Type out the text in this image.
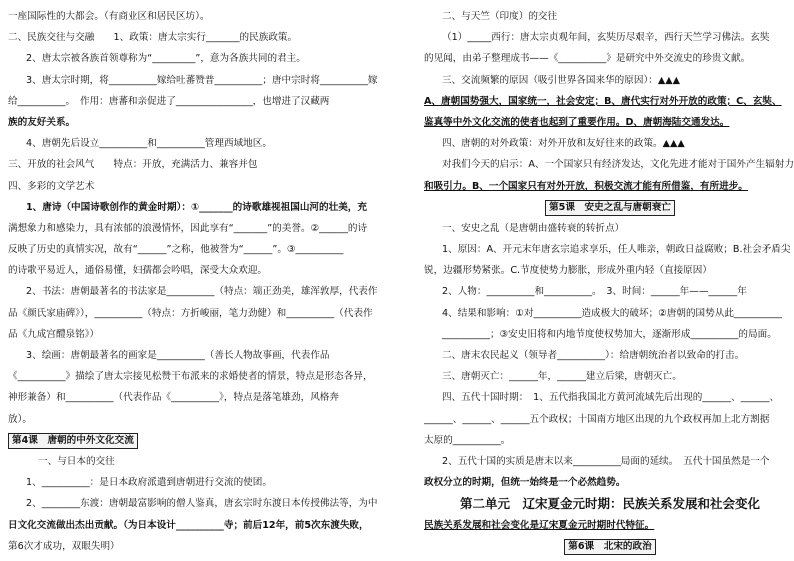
一座国际性的大都会。（有商业区和居民区坊）。
二、民族交往与交融　　1、政策：唐太宗实行_______的民族政策。
2、唐太宗被各族首领尊称为“_________”，意为各族共同的君主。
3、唐太宗时期，将__________嫁给吐蕃赞普__________；唐中宗时将__________嫁
给__________。　作用：唐蕃和亲促进了________________，也增进了汉藏两
族的友好关系。
4、唐朝先后设立__________和__________管理西域地区。
三、开放的社会风气　　特点：开放，充满活力、兼容并包
四、多彩的文学艺术
1、唐诗（中国诗歌创作的黄金时期）：①_______的诗歌雄视祖国山河的壮美，充
满想象力和感染力，具有浓郁的浪漫情怀，因此享有“_______”的美誉。②______的诗
反映了历史的真情实况，故有“______”之称，他被誉为“______”。③__________
的诗歌平易近人，通俗易懂，妇孺都会吟唱，深受大众欢迎。
2、书法：唐朝最著名的书法家是__________（特点：端正劲美，雄浑敦厚，代表作
品《颜氏家庙碑》），__________（特点：方折峻丽，笔力劲健）和__________（代表作
品《九成宫醴泉铭》）
3、绘画：唐朝最著名的画家是__________（善长人物故事画，代表作品
《__________》描绘了唐太宗接见松赞干布派来的求婚使者的情景，特点是形态各异，
神形兼备）和__________（代表作品《__________》，特点是落笔雄劲，风格奔
放）。
第4课　唐朝的中外文化交流
一、与日本的交往
1、__________：是日本政府派遣到唐朝进行交流的使团。
2、________东渡：唐朝最富影响的僧人鉴真，唐玄宗时东渡日本传授佛法等，为中
日文化交流做出杰出贡献。（为日本设计__________寺；前后12年，前5次东渡失败，
第6次才成功，双眼失明）
二、与天竺（印度）的交往
（1）_____西行：唐太宗贞观年间，玄奘历尽艰辛，西行天竺学习佛法。玄奘
的见闻，由弟子整理成书——《__________》是研究中外交流史的珍贵文献。
三、交流频繁的原因（吸引世界各国来华的原因）：▲▲▲
A、唐朝国势强大，国家统一，社会安定；B、唐代实行对外开放的政策；C、玄奘、
鉴真等中外文化交流的使者也起到了重要作用。D、唐朝海陆交通发达。
四、唐朝的对外政策：对外开放和友好往来的政策。▲▲▲
对我们今天的启示：A、一个国家只有经济发达，文化先进才能对于国外产生辐射力
和吸引力。B、一个国家只有对外开放，积极交流才能有所借鉴，有所进步。
第5课　安史之乱与唐朝衰亡
一、安史之乱（是唐朝由盛转衰的转折点）
1、原因：A、开元末年唐玄宗追求享乐，任人唯亲，朝政日益腐败；B.社会矛盾尖
锐，边疆形势紧张。C.节度使势力膨胀，形成外重内轻（直接原因）
2、人物：__________和__________。　3、时间：______年——______年
4、结果和影响：①对__________造成极大的破坏；②唐朝的国势从此__________
__________；③安史旧将和内地节度使权势加大，逐渐形成__________的局面。
二、唐末农民起义（领导者__________）：给唐朝统治者以致命的打击。
三、唐朝灭亡：______年，______建立后梁，唐朝灭亡。
四、五代十国时期：　1、五代指我国北方黄河流域先后出现的______、______、
______、______、______五个政权；十国南方地区出现的九个政权再加上北方割据
太原的__________。
2、五代十国的实质是唐末以来__________局面的延续。　五代十国虽然是一个
政权分立的时期，但统一始终是一个必然趋势。
第二单元　辽宋夏金元时期：民族关系发展和社会变化
民族关系发展和社会变化是辽宋夏金元时期时代特征。
第6课　北宋的政治
